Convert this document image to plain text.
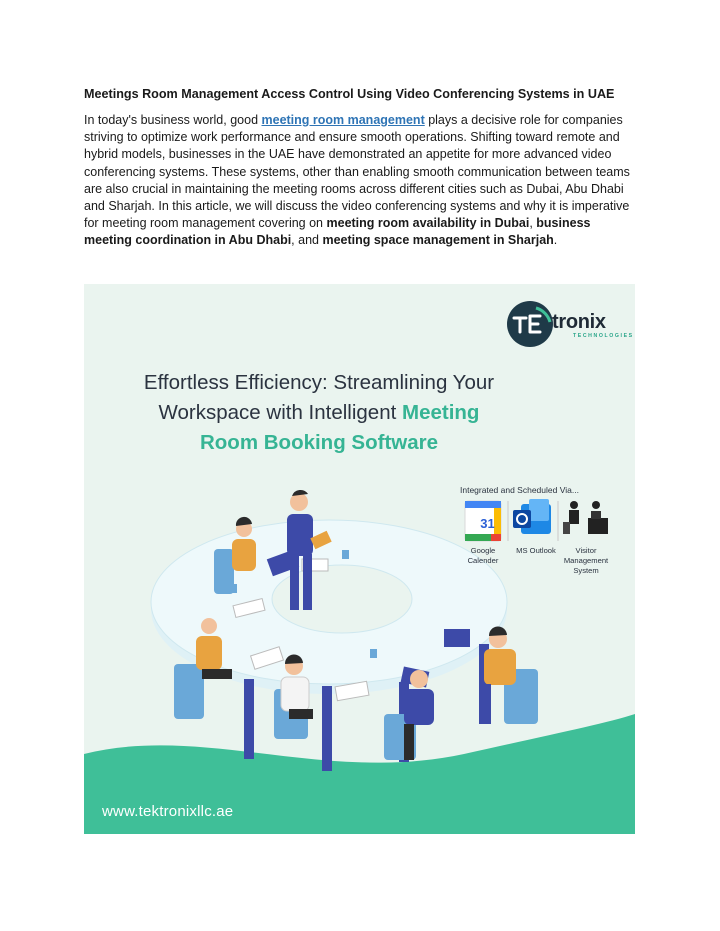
Meetings Room Management Access Control Using Video Conferencing Systems in UAE

In today's business world, good meeting room management plays a decisive role for companies striving to optimize work performance and ensure smooth operations. Shifting toward remote and hybrid models, businesses in the UAE have demonstrated an appetite for more advanced video conferencing systems. These systems, other than enabling smooth communication between teams are also crucial in maintaining the meeting rooms across different cities such as Dubai, Abu Dhabi and Sharjah. In this article, we will discuss the video conferencing systems and why it is imperative for meeting room management covering on meeting room availability in Dubai, business meeting coordination in Abu Dhabi, and meeting space management in Sharjah.

tronix
TECHNOLOGIES
Effortless Efficiency: Streamlining Your
Workspace with Intelligent Meeting
Room Booking Software
Integrated and Scheduled Via...
31
Google
Calender
MS Outlook	Visitor
Management
System
www.tektronixllc.ae
